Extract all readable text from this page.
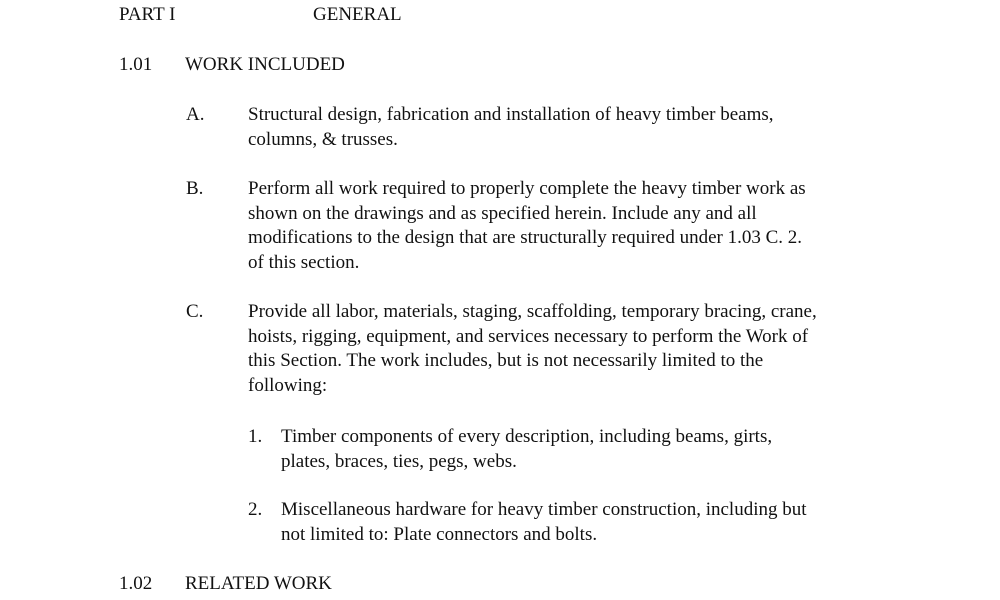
PART I	GENERAL
1.01 WORK INCLUDED
A. Structural design, fabrication and installation of heavy timber beams,
columns, & trusses.
B. Perform all work required to properly complete the heavy timber work as
shown on the drawings and as specified herein. Include any and all
modifications to the design that are structurally required under 1.03 C. 2.
of this section.
C. Provide all labor, materials, staging, scaffolding, temporary bracing, crane,
hoists, rigging, equipment, and services necessary to perform the Work of
this Section. The work includes, but is not necessarily limited to the
following:
1. Timber components of every description, including beams, girts,
plates, braces, ties, pegs, webs.
2. Miscellaneous hardware for heavy timber construction, including but
not limited to: Plate connectors and bolts.
1.02 RELATED WORK
